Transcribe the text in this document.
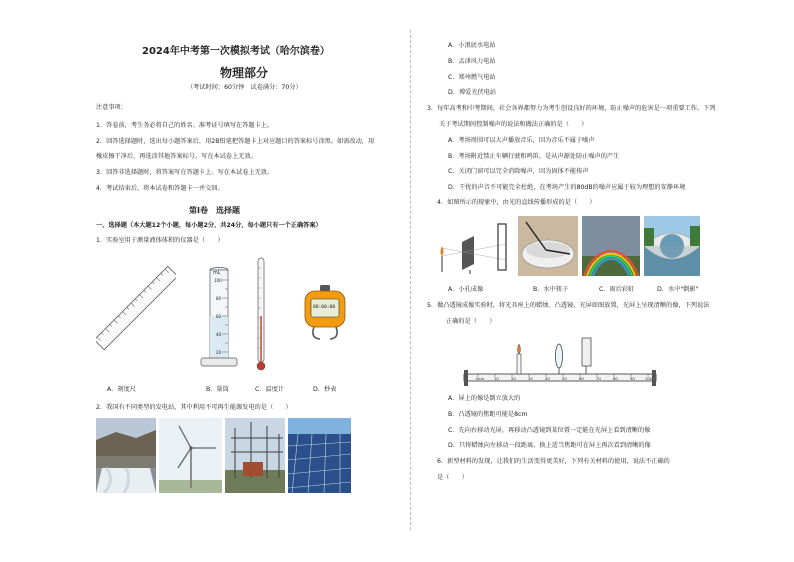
2024年中考第一次模拟考试（哈尔滨卷）
物理部分
（考试时间：60分钟　试卷满分：70分）
注意事项：
1．答卷前，考生务必将自己的姓名、准考证号填写在答题卡上。
2．回答选择题时，选出每小题答案后，用2B铅笔把答题卡上对应题目的答案标号涂黑。如需改动，用
橡皮擦干净后，再选涂其他答案标号。写在本试卷上无效。
3．回答非选择题时，将答案写在答题卡上。写在本试卷上无效。
4．考试结束后，将本试卷和答题卡一并交回。
第Ⅰ卷　选择题
一、选择题（本大题12个小题，每小题2分，共24分，每小题只有一个正确答案）
1．实验室用于测量液体体积的仪器是（　　）
mL
100
80
60
40
20
00:00:00
A．刻度尺	B．量筒	C．温度计	D．秒表
2．我国有不同类型的发电站，其中利用不可再生能源发电的是（　　）
A．小浪底水电站
B．孟津风力电站
C．郑州燃气电站
D．博爱光伏电站
3．每年高考和中考期间，社会各界都努力为考生创设良好的环境，防止噪声的危害是一项重要工作。下列
关于考试期间控制噪声的说法和做法正确的是（　　）
A．考场周围可以大声播放音乐，因为音乐不属于噪声
B．考场附近禁止车辆行驶和鸣笛，是从声源处防止噪声的产生
C．关闭门窗可以完全消除噪声，因为固体不能传声
D．干扰的声音不可能完全杜绝，在考场产生的80dB的噪声应属于较为理想的安静环境
4．如图所示的现象中，由光的直线传播形成的是（　　）
A．小孔成像	B．水中筷子	C．雨后彩虹	D．水中"倒影"
5．做凸透镜成像实验时，将光具座上的蜡烛、凸透镜、光屏如图放置，光屏上呈现清晰的像，下列说法
正确的是（　　）
0cm	10	20	30	40	50	60	70	80	90	100
A．屏上的像是倒立放大的
B．凸透镜的焦距可能是8cm
C．先向右移动光屏，再移动凸透镜到某位置一定能在光屏上看到清晰的像
D．只将蜡烛向左移动一段距离，换上适当焦距可在屏上再次看到清晰的像
6．新型材料的发现，让我们的生活变得更美好，下列有关材料的使用，说法不正确的
是（　　）
